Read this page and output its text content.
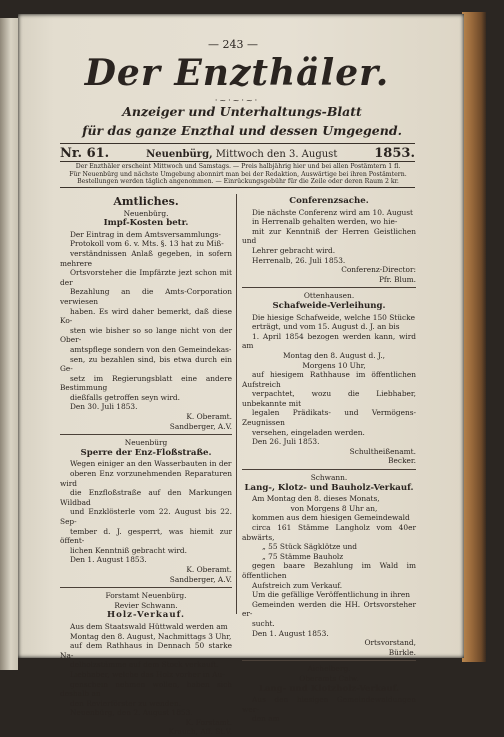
— 243 —

Der Enzthäler.

·~·~·~·

Anzeiger und Unterhaltungs-Blatt

für das ganze Enzthal und dessen Umgegend.

Nr. 61.	Neuenbürg, Mittwoch den 3. August	1853.
Der Enzthäler erscheint Mittwoch und Samstags. — Preis halbjährig hier und bei allen Postämtern 1 fl.
Für Neuenbürg und nächste Umgebung abonnirt man bei der Redaktion, Auswärtige bei ihren Postämtern.
Bestellungen werden täglich angenommen. — Einrückungsgebühr für die Zeile oder deren Raum 2 kr.
Amtliches.
Neuenbürg.
Impf-Kosten betr.

Der Eintrag in dem Amtsversammlungs-

Protokoll vom 6. v. Mts. §. 13 hat zu Miß-

verständnissen Anlaß gegeben, in sofern mehrere

Ortsvorsteher die Impfärzte jezt schon mit der

Bezahlung an die Amts-Corporation verwiesen

haben. Es wird daher bemerkt, daß diese Ko-

sten wie bisher so so lange nicht von der Ober-

amtspflege sondern von den Gemeindekas-

sen, zu bezahlen sind, bis etwa durch ein Ge-

setz im Regierungsblatt eine andere Bestimmung

dießfalls getroffen seyn wird.

Den 30. Juli 1853.

K. Oberamt.

Sandberger, A.V.

Neuenbürg
Sperre der Enz-Floßstraße.

Wegen einiger an den Wasserbauten in der

oberen Enz vorzunehmenden Reparaturen wird

die Enzfloßstraße auf den Markungen Wildbad

und Enzklösterle vom 22. August bis 22. Sep-

tember d. J. gesperrt, was hiemit zur öffent-

lichen Kenntniß gebracht wird.

Den 1. August 1853.

K. Oberamt.

Sandberger, A.V.

Forstamt Neuenbürg.
Revier Schwann.
Holz-Verkauf.

Aus dem Staatswald Hüttwald werden am

Montag den 8. August, Nachmittags 3 Uhr,

auf dem Rathhaus in Dennach 50 starke Na-

delholzstämme auf dem Stock verkauft.

Liebhaber, welche das Holz vorher in Au-

genschein nehmen wollen, haben sich deshalb an

den Revierförster zu wenden.

Neuenbürg, den 2. August 1853.

K. Forstamt.

Krauch, Aff. St.V.

Conferenzsache.

Die nächste Conferenz wird am 10. August

in Herrenalb gehalten werden, wo hie-

mit zur Kenntniß der Herren Geistlichen und

Lehrer gebracht wird.

Herrenalb, 26. Juli 1853.

Conferenz-Director:

Pfr. Blum.

Ottenhausen.
Schafweide-Verleihung.

Die hiesige Schafweide, welche 150 Stücke

erträgt, und vom 15. August d. J. an bis

1. April 1854 bezogen werden kann, wird am

Montag den 8. August d. J.,

Morgens 10 Uhr,

auf hiesigem Rathhause im öffentlichen Aufstreich

verpachtet, wozu die Liebhaber, unbekannte mit

legalen Prädikats- und Vermögens-Zeugnissen

versehen, eingeladen werden.

Den 26. Juli 1853.

Schultheißenamt.

Becker.

Schwann.
Lang-, Klotz- und Bauholz-Verkauf.

Am Montag den 8. dieses Monats,

von Morgens 8 Uhr an,

kommen aus dem hiesigen Gemeindewald

circa 161 Stämme Langholz vom 40er abwärts,

„ 55 Stück Sägklötze und

„ 75 Stämme Bauholz

gegen baare Bezahlung im Wald im öffentlichen

Aufstreich zum Verkauf.

Um die gefällige Veröffentlichung in ihren

Gemeinden werden die HH. Ortsvorsteher er-

sucht.

Den 1. August 1853.

Ortsvorstand,

Bürkle.

Aichelberg.
Oberamts Calw.
Lang- und Klotzholz-Verkauf.

Aus den hiesigen Gemeindewaldungen wer-

den am
